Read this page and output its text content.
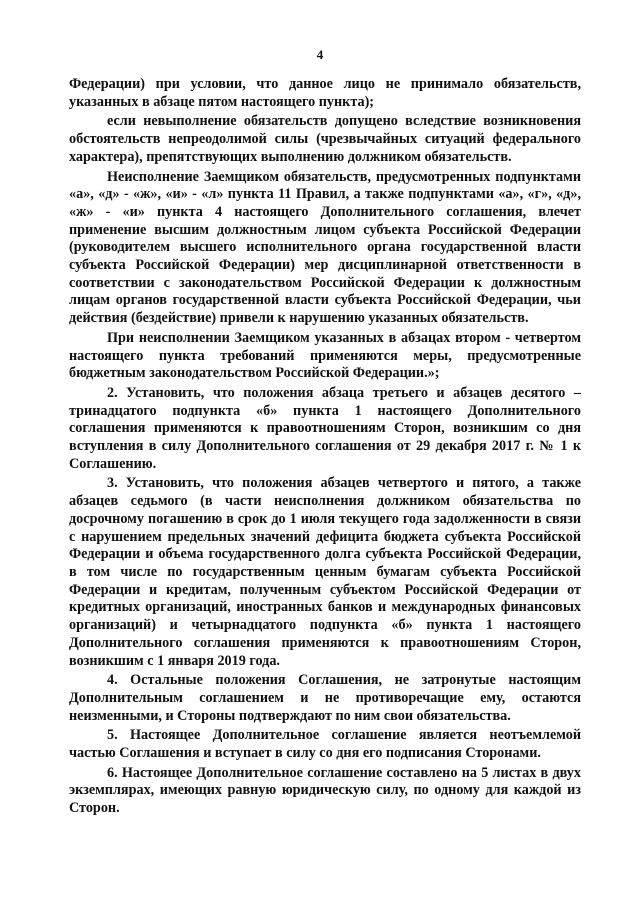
4

Федерации) при условии, что данное лицо не принимало обязательств, указанных в абзаце пятом настоящего пункта);

если невыполнение обязательств допущено вследствие возникновения обстоятельств непреодолимой силы (чрезвычайных ситуаций федерального характера), препятствующих выполнению должником обязательств.

Неисполнение Заемщиком обязательств, предусмотренных подпунктами «а», «д» - «ж», «и» - «л» пункта 11 Правил, а также подпунктами «а», «г», «д», «ж» - «и» пункта 4 настоящего Дополнительного соглашения, влечет применение высшим должностным лицом субъекта Российской Федерации (руководителем высшего исполнительного органа государственной власти субъекта Российской Федерации) мер дисциплинарной ответственности в соответствии с законодательством Российской Федерации к должностным лицам органов государственной власти субъекта Российской Федерации, чьи действия (бездействие) привели к нарушению указанных обязательств.

При неисполнении Заемщиком указанных в абзацах втором - четвертом настоящего пункта требований применяются меры, предусмотренные бюджетным законодательством Российской Федерации.»;

2. Установить, что положения абзаца третьего и абзацев десятого – тринадцатого подпункта «б» пункта 1 настоящего Дополнительного соглашения применяются к правоотношениям Сторон, возникшим со дня вступления в силу Дополнительного соглашения от 29 декабря 2017 г. № 1 к Соглашению.

3. Установить, что положения абзацев четвертого и пятого, а также абзацев седьмого (в части неисполнения должником обязательства по досрочному погашению в срок до 1 июля текущего года задолженности в связи с нарушением предельных значений дефицита бюджета субъекта Российской Федерации и объема государственного долга субъекта Российской Федерации, в том числе по государственным ценным бумагам субъекта Российской Федерации и кредитам, полученным субъектом Российской Федерации от кредитных организаций, иностранных банков и международных финансовых организаций) и четырнадцатого подпункта «б» пункта 1 настоящего Дополнительного соглашения применяются к правоотношениям Сторон, возникшим с 1 января 2019 года.

4. Остальные положения Соглашения, не затронутые настоящим Дополнительным соглашением и не противоречащие ему, остаются неизменными, и Стороны подтверждают по ним свои обязательства.

5. Настоящее Дополнительное соглашение является неотъемлемой частью Соглашения и вступает в силу со дня его подписания Сторонами.

6. Настоящее Дополнительное соглашение составлено на 5 листах в двух экземплярах, имеющих равную юридическую силу, по одному для каждой из Сторон.
